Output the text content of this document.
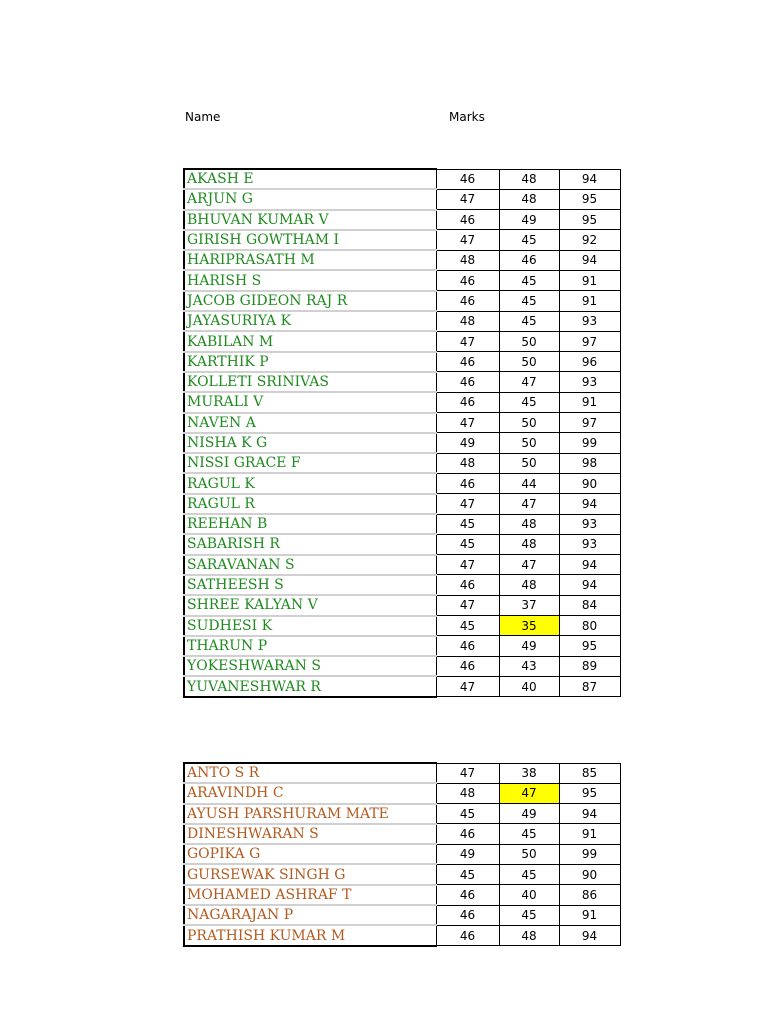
Name	Marks
AKASH E	46	48	94
ARJUN G	47	48	95
BHUVAN KUMAR V	46	49	95
GIRISH GOWTHAM I	47	45	92
HARIPRASATH M	48	46	94
HARISH S	46	45	91
JACOB GIDEON RAJ R	46	45	91
JAYASURIYA K	48	45	93
KABILAN M	47	50	97
KARTHIK P	46	50	96
KOLLETI SRINIVAS	46	47	93
MURALI V	46	45	91
NAVEN A	47	50	97
NISHA K G	49	50	99
NISSI GRACE F	48	50	98
RAGUL K	46	44	90
RAGUL R	47	47	94
REEHAN B	45	48	93
SABARISH R	45	48	93
SARAVANAN S	47	47	94
SATHEESH S	46	48	94
SHREE KALYAN V	47	37	84
SUDHESI K	45	35	80
THARUN P	46	49	95
YOKESHWARAN S	46	43	89
YUVANESHWAR R	47	40	87
ANTO S R	47	38	85
ARAVINDH C	48	47	95
AYUSH PARSHURAM MATE	45	49	94
DINESHWARAN S	46	45	91
GOPIKA G	49	50	99
GURSEWAK SINGH G	45	45	90
MOHAMED ASHRAF T	46	40	86
NAGARAJAN P	46	45	91
PRATHISH KUMAR M	46	48	94
